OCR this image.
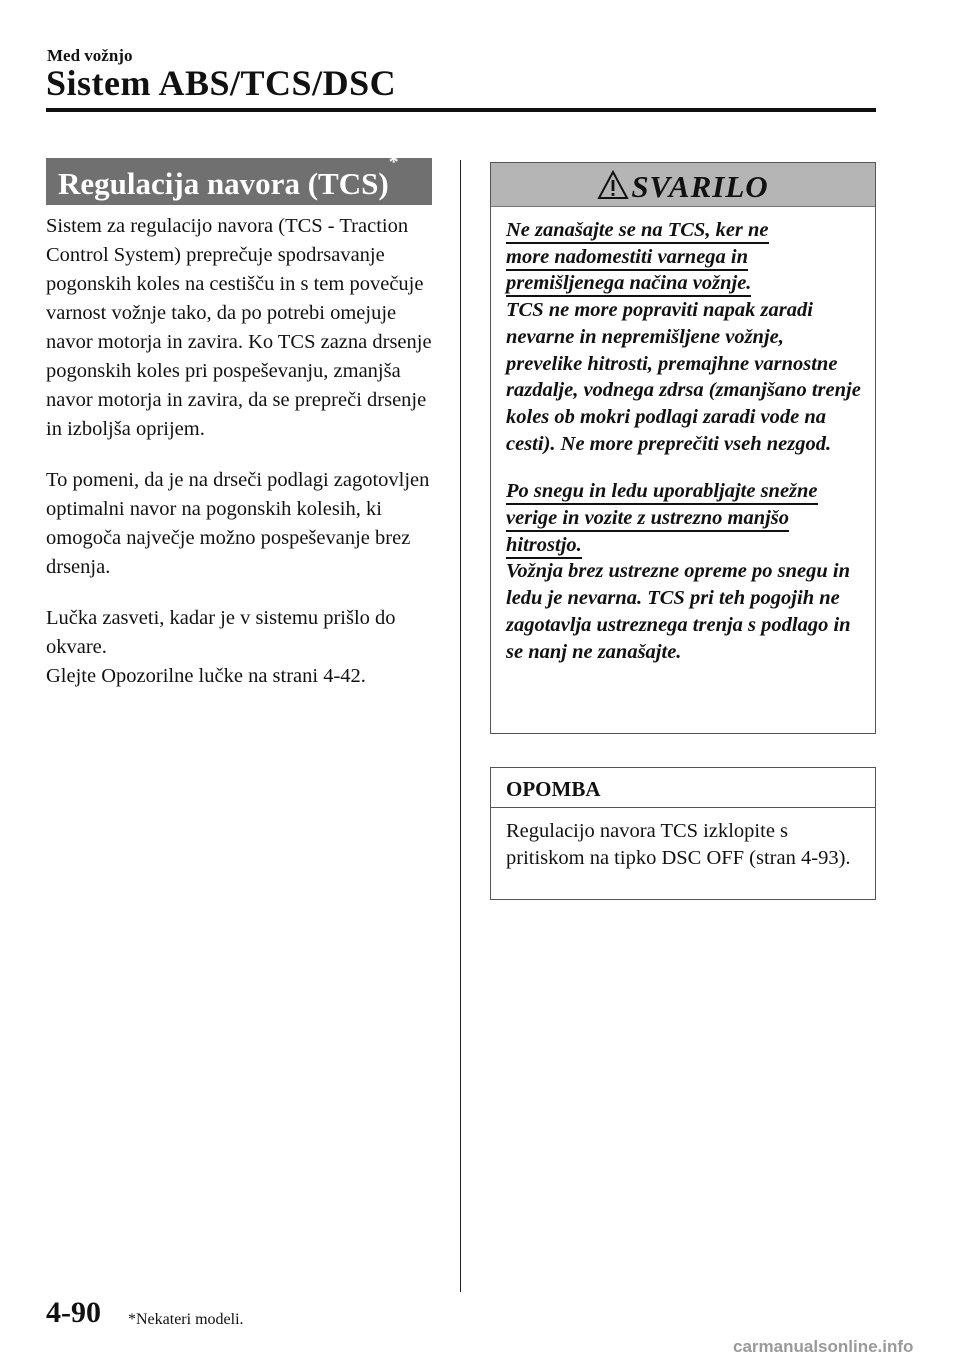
Med vožnjo
Sistem ABS/TCS/DSC
Regulacija navora (TCS)*

Sistem za regulacijo navora (TCS - Traction Control System) preprečuje spodrsavanje pogonskih koles na cestišču in s tem povečuje varnost vožnje tako, da po potrebi omejuje navor motorja in zavira. Ko TCS zazna drsenje pogonskih koles pri pospeševanju, zmanjša navor motorja in zavira, da se prepreči drsenje in izboljša oprijem.

To pomeni, da je na drseči podlagi zagotovljen optimalni navor na pogonskih kolesih, ki omogoča največje možno pospeševanje brez drsenja.

Lučka zasveti, kadar je v sistemu prišlo do okvare.

Glejte Opozorilne lučke na strani 4-42.

SVARILO
Ne zanašajte se na TCS, ker ne
more nadomestiti varnega in
premišljenega načina vožnje.
TCS ne more popraviti napak zaradi nevarne in nepremišljene vožnje, prevelike hitrosti, premajhne varnostne razdalje, vodnega zdrsa (zmanjšano trenje koles ob mokri podlagi zaradi vode na cesti). Ne more preprečiti vseh nezgod.
Po snegu in ledu uporabljajte snežne
verige in vozite z ustrezno manjšo
hitrostjo.
Vožnja brez ustrezne opreme po snegu in ledu je nevarna. TCS pri teh pogojih ne zagotavlja ustreznega trenja s podlago in se nanj ne zanašajte.
OPOMBA
Regulacijo navora TCS izklopite s pritiskom na tipko DSC OFF (stran 4-93).
4-90 *Nekateri modeli.
carmanualsonline.info
